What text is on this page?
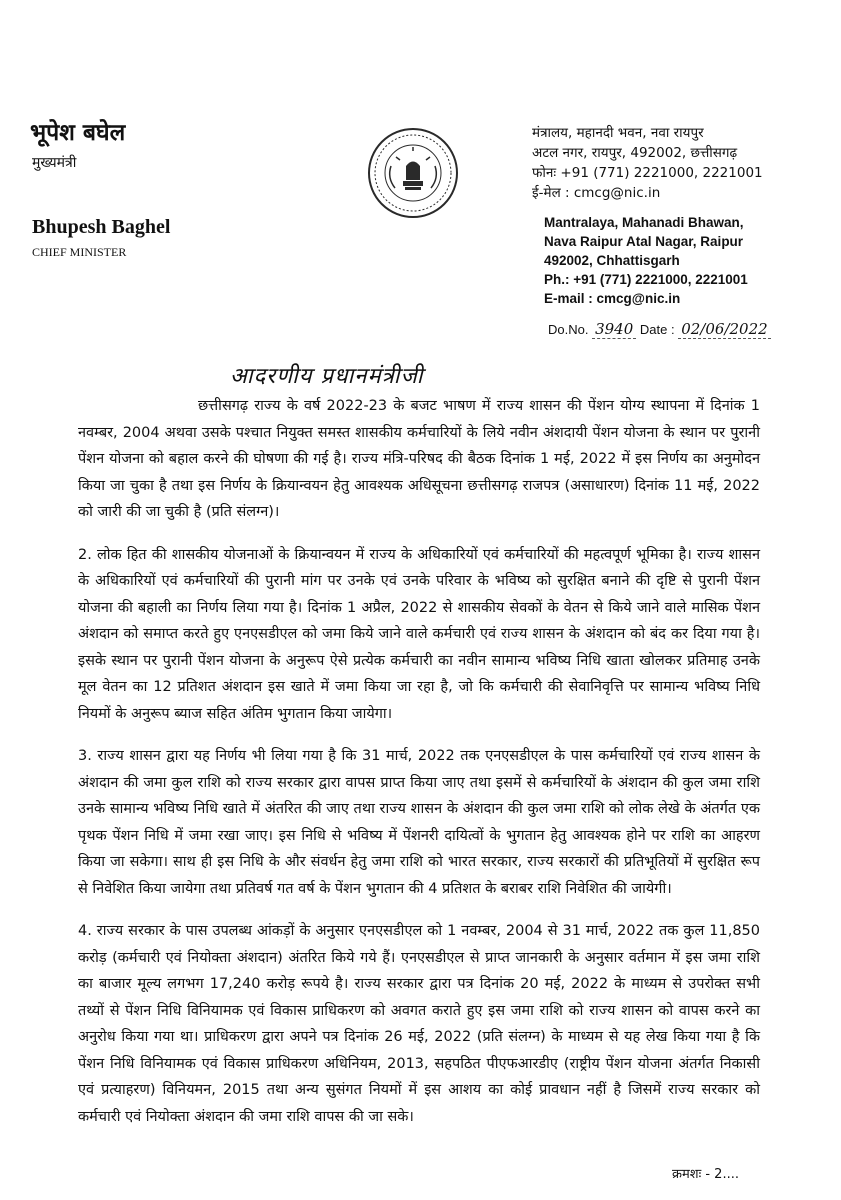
भूपेश बघेल
मुख्यमंत्री
Bhupesh Baghel
CHIEF MINISTER
मंत्रालय, महानदी भवन, नवा रायपुर
अटल नगर, रायपुर, 492002, छत्तीसगढ़
फोनः +91 (771) 2221000, 2221001
ई-मेल : cmcg@nic.in
Mantralaya, Mahanadi Bhawan,
Nava Raipur Atal Nagar, Raipur
492002, Chhattisgarh
Ph.: +91 (771) 2221000, 2221001
E-mail : cmcg@nic.in
Do.No. 3940 Date : 02/06/2022
आदरणीय प्रधानमंत्रीजी

छत्तीसगढ़ राज्य के वर्ष 2022-23 के बजट भाषण में राज्य शासन की पेंशन योग्य स्थापना में दिनांक 1 नवम्बर, 2004 अथवा उसके पश्चात नियुक्त समस्त शासकीय कर्मचारियों के लिये नवीन अंशदायी पेंशन योजना के स्थान पर पुरानी पेंशन योजना को बहाल करने की घोषणा की गई है। राज्य मंत्रि-परिषद की बैठक दिनांक 1 मई, 2022 में इस निर्णय का अनुमोदन किया जा चुका है तथा इस निर्णय के क्रियान्वयन हेतु आवश्यक अधिसूचना छत्तीसगढ़ राजपत्र (असाधारण) दिनांक 11 मई, 2022 को जारी की जा चुकी है (प्रति संलग्न)।

2. लोक हित की शासकीय योजनाओं के क्रियान्वयन में राज्य के अधिकारियों एवं कर्मचारियों की महत्वपूर्ण भूमिका है। राज्य शासन के अधिकारियों एवं कर्मचारियों की पुरानी मांग पर उनके एवं उनके परिवार के भविष्य को सुरक्षित बनाने की दृष्टि से पुरानी पेंशन योजना की बहाली का निर्णय लिया गया है। दिनांक 1 अप्रैल, 2022 से शासकीय सेवकों के वेतन से किये जाने वाले मासिक पेंशन अंशदान को समाप्त करते हुए एनएसडीएल को जमा किये जाने वाले कर्मचारी एवं राज्य शासन के अंशदान को बंद कर दिया गया है। इसके स्थान पर पुरानी पेंशन योजना के अनुरूप ऐसे प्रत्येक कर्मचारी का नवीन सामान्य भविष्य निधि खाता खोलकर प्रतिमाह उनके मूल वेतन का 12 प्रतिशत अंशदान इस खाते में जमा किया जा रहा है, जो कि कर्मचारी की सेवानिवृत्ति पर सामान्य भविष्य निधि नियमों के अनुरूप ब्याज सहित अंतिम भुगतान किया जायेगा।

3. राज्य शासन द्वारा यह निर्णय भी लिया गया है कि 31 मार्च, 2022 तक एनएसडीएल के पास कर्मचारियों एवं राज्य शासन के अंशदान की जमा कुल राशि को राज्य सरकार द्वारा वापस प्राप्त किया जाए तथा इसमें से कर्मचारियों के अंशदान की कुल जमा राशि उनके सामान्य भविष्य निधि खाते में अंतरित की जाए तथा राज्य शासन के अंशदान की कुल जमा राशि को लोक लेखे के अंतर्गत एक पृथक पेंशन निधि में जमा रखा जाए। इस निधि से भविष्य में पेंशनरी दायित्वों के भुगतान हेतु आवश्यक होने पर राशि का आहरण किया जा सकेगा। साथ ही इस निधि के और संवर्धन हेतु जमा राशि को भारत सरकार, राज्य सरकारों की प्रतिभूतियों में सुरक्षित रूप से निवेशित किया जायेगा तथा प्रतिवर्ष गत वर्ष के पेंशन भुगतान की 4 प्रतिशत के बराबर राशि निवेशित की जायेगी।

4. राज्य सरकार के पास उपलब्ध आंकड़ों के अनुसार एनएसडीएल को 1 नवम्बर, 2004 से 31 मार्च, 2022 तक कुल 11,850 करोड़ (कर्मचारी एवं नियोक्ता अंशदान) अंतरित किये गये हैं। एनएसडीएल से प्राप्त जानकारी के अनुसार वर्तमान में इस जमा राशि का बाजार मूल्य लगभग 17,240 करोड़ रूपये है। राज्य सरकार द्वारा पत्र दिनांक 20 मई, 2022 के माध्यम से उपरोक्त सभी तथ्यों से पेंशन निधि विनियामक एवं विकास प्राधिकरण को अवगत कराते हुए इस जमा राशि को राज्य शासन को वापस करने का अनुरोध किया गया था। प्राधिकरण द्वारा अपने पत्र दिनांक 26 मई, 2022 (प्रति संलग्न) के माध्यम से यह लेख किया गया है कि पेंशन निधि विनियामक एवं विकास प्राधिकरण अधिनियम, 2013, सहपठित पीएफआरडीए (राष्ट्रीय पेंशन योजना अंतर्गत निकासी एवं प्रत्याहरण) विनियमन, 2015 तथा अन्य सुसंगत नियमों में इस आशय का कोई प्रावधान नहीं है जिसमें राज्य सरकार को कर्मचारी एवं नियोक्ता अंशदान की जमा राशि वापस की जा सके।

क्रमशः - 2....
